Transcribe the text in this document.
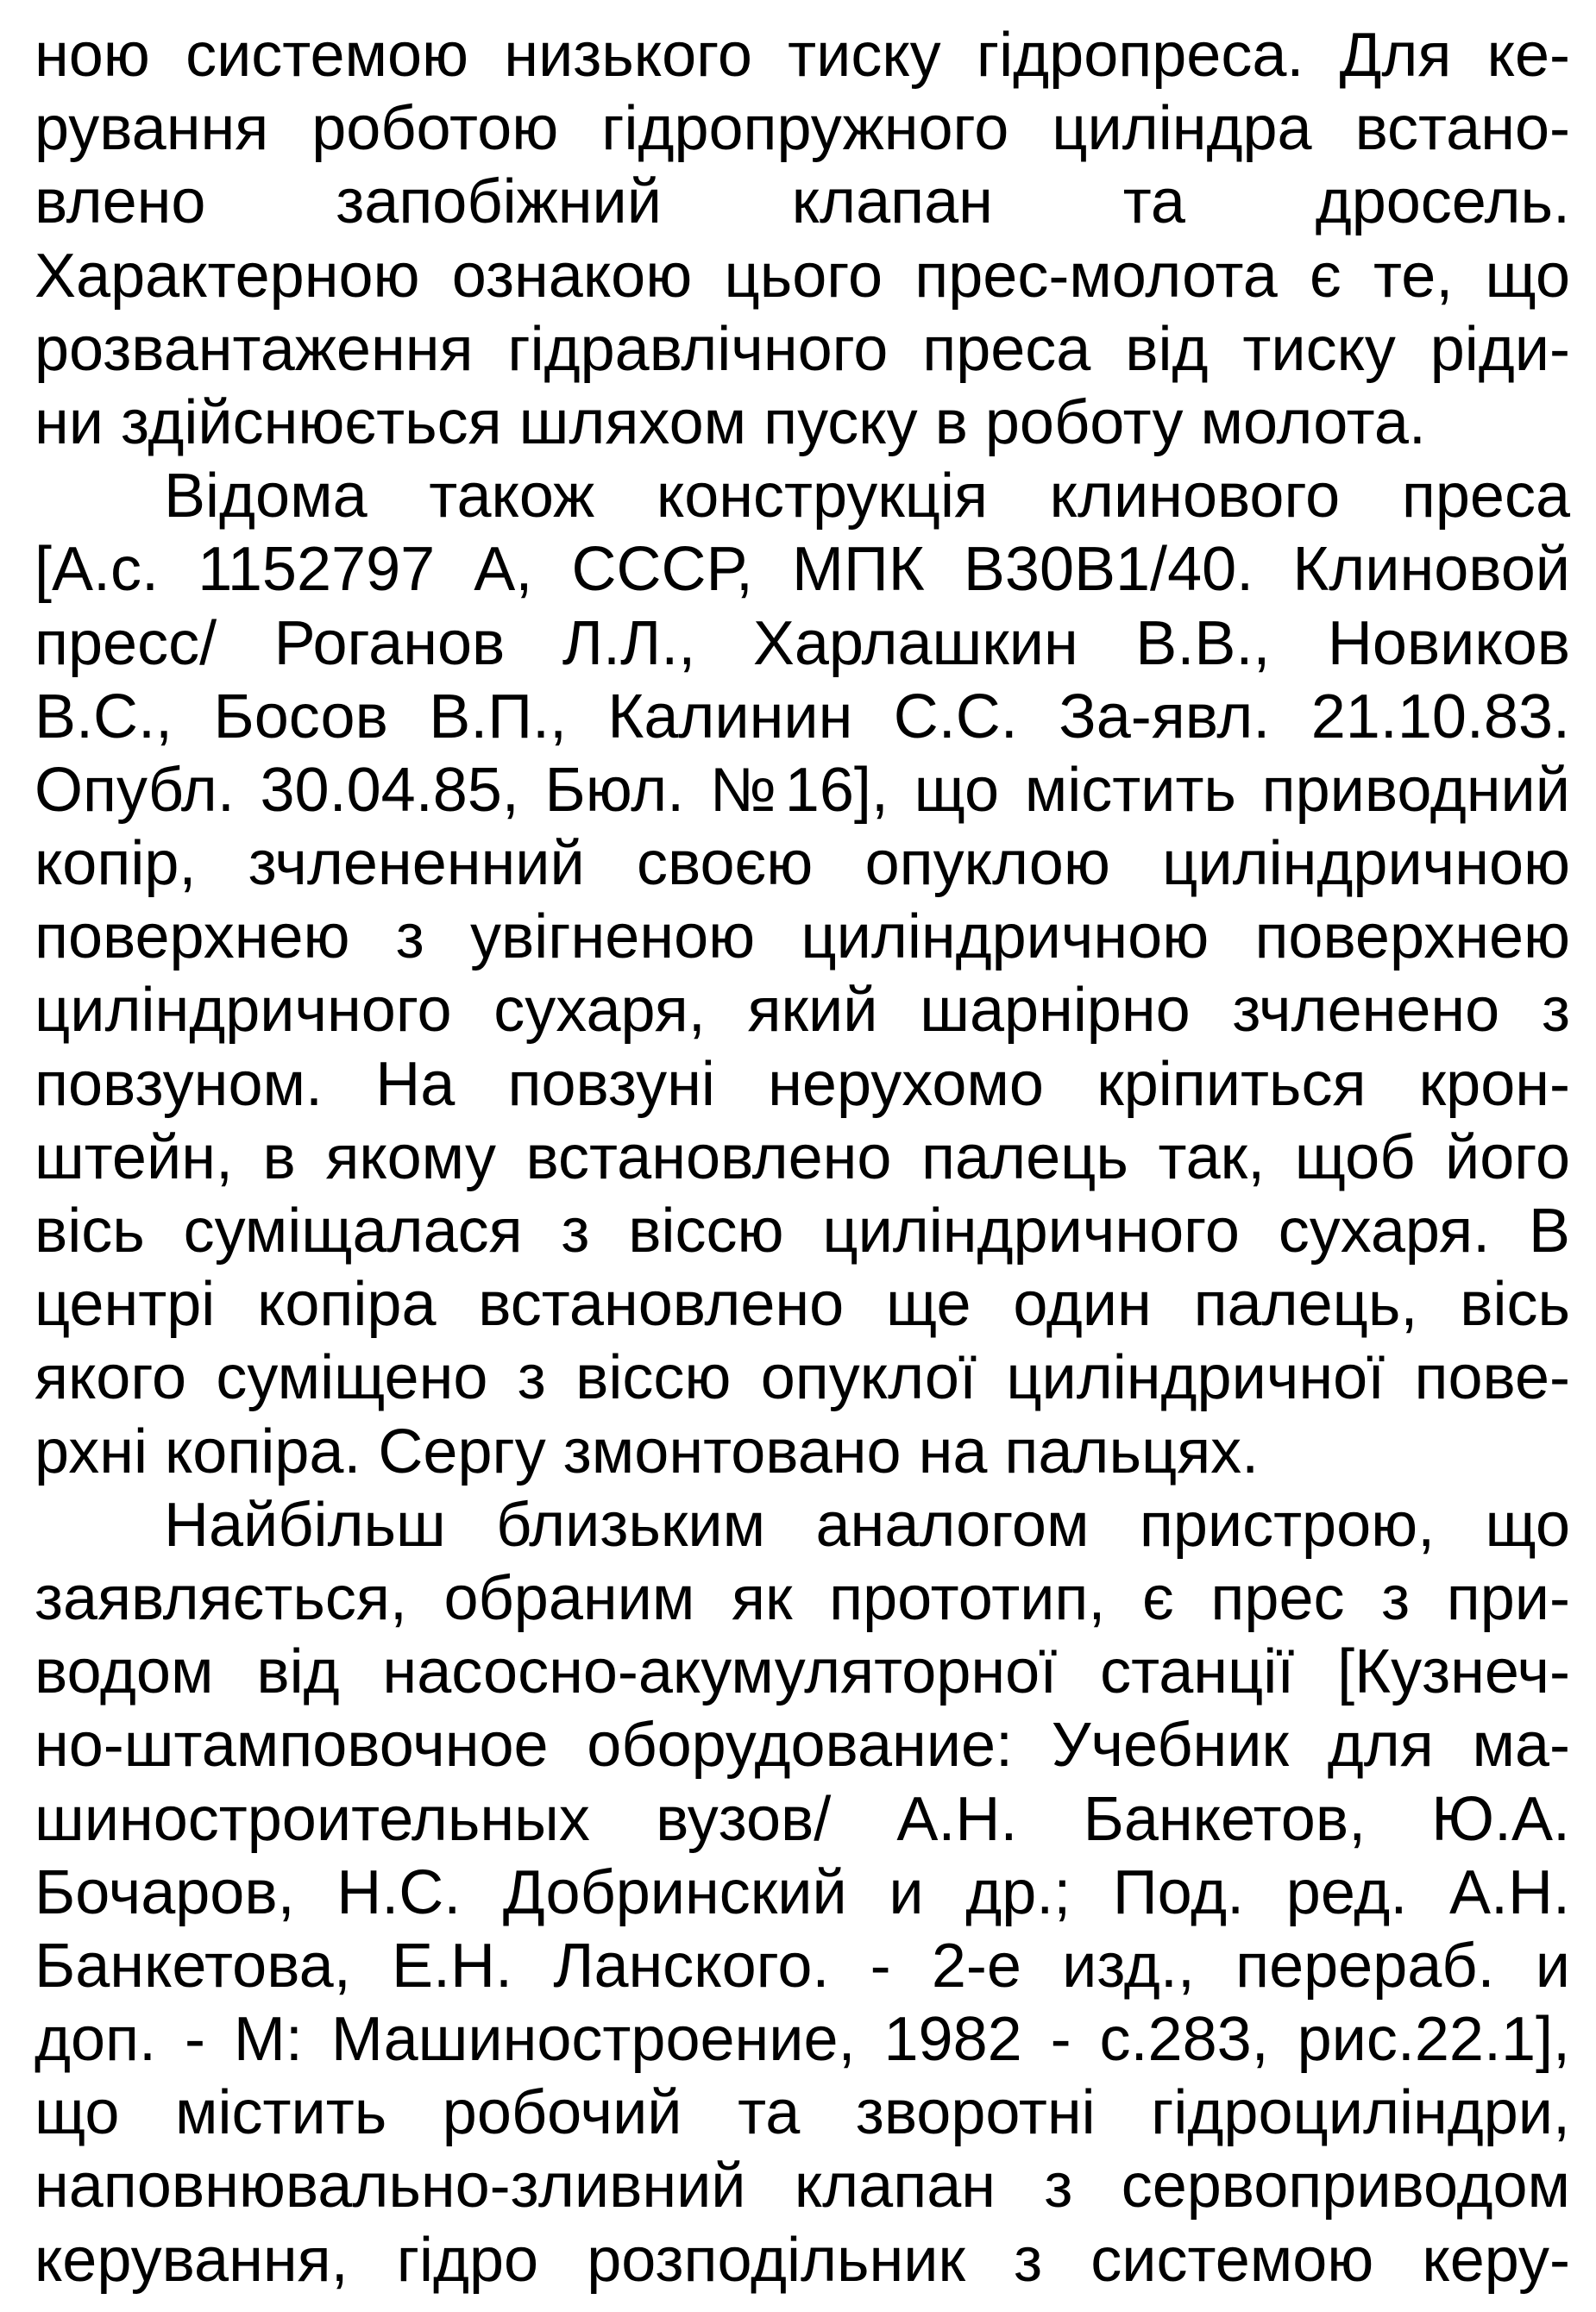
ною системою низького тиску гідропреса. Для ке-
рування роботою гідропружного циліндра встано-
влено запобіжний клапан та дросель.
Характерною ознакою цього прес-молота є те, що
розвантаження гідравлічного преса від тиску ріди-
ни здійснюється шляхом пуску в роботу молота.
Відома також конструкція клинового преса
[А.с. 1152797 А, СССР, МПК В30В1/40. Клиновой
пресс/ Роганов Л.Л., Харлашкин В.В., Новиков
В.С., Босов В.П., Калинин С.С. За-явл. 21.10.83.
Опубл. 30.04.85, Бюл. №16], що містить приводний
копір, зчлененний своєю опуклою циліндричною
поверхнею з увігненою циліндричною поверхнею
циліндричного сухаря, який шарнірно зчленено з
повзуном. На повзуні нерухомо кріпиться крон-
штейн, в якому встановлено палець так, щоб його
вісь суміщалася з віссю циліндричного сухаря. В
центрі копіра встановлено ще один палець, вісь
якого суміщено з віссю опуклої циліндричної пове-
рхні копіра. Сергу змонтовано на пальцях.
Найбільш близьким аналогом пристрою, що
заявляється, обраним як прототип, є прес з при-
водом від насосно-акумуляторної станції [Кузнеч-
но-штамповочное оборудование: Учебник для ма-
шиностроительных вузов/ А.Н. Банкетов, Ю.А.
Бочаров, Н.С. Добринский и др.; Под. ред. А.Н.
Банкетова, Е.Н. Ланского. - 2-е изд., перераб. и
доп. - М: Машиностроение, 1982 - с.283, рис.22.1],
що містить робочий та зворотні гідроциліндри,
наповнювально-зливний клапан з сервоприводом
керування, гідро розподільник з системою керу-
